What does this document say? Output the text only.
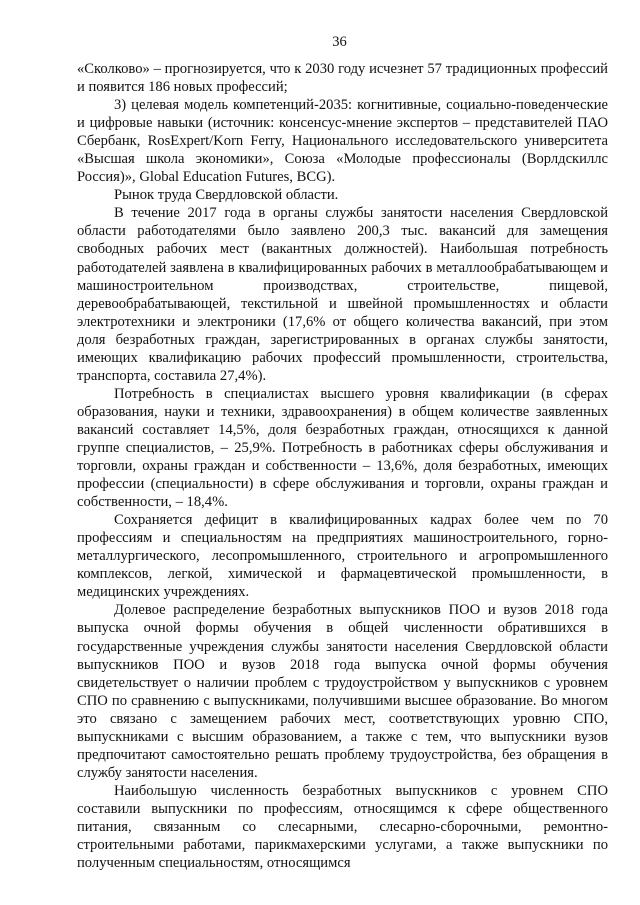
36

«Сколково» – прогнозируется, что к 2030 году исчезнет 57 традиционных профессий и появится 186 новых профессий;

3) целевая модель компетенций-2035: когнитивные, социально-поведенческие и цифровые навыки (источник: консенсус-мнение экспертов – представителей ПАО Сбербанк, RosExpert/Korn Ferry, Национального исследовательского университета «Высшая школа экономики», Союза «Молодые профессионалы (Ворлдскиллс Россия)», Global Education Futures, BCG).

Рынок труда Свердловской области.

В течение 2017 года в органы службы занятости населения Свердловской области работодателями было заявлено 200,3 тыс. вакансий для замещения свободных рабочих мест (вакантных должностей). Наибольшая потребность работодателей заявлена в квалифицированных рабочих в металлообрабатывающем и машиностроительном производствах, строительстве, пищевой, деревообрабатывающей, текстильной и швейной промышленностях и области электротехники и электроники (17,6% от общего количества вакансий, при этом доля безработных граждан, зарегистрированных в органах службы занятости, имеющих квалификацию рабочих профессий промышленности, строительства, транспорта, составила 27,4%).

Потребность в специалистах высшего уровня квалификации (в сферах образования, науки и техники, здравоохранения) в общем количестве заявленных вакансий составляет 14,5%, доля безработных граждан, относящихся к данной группе специалистов, – 25,9%. Потребность в работниках сферы обслуживания и торговли, охраны граждан и собственности – 13,6%, доля безработных, имеющих профессии (специальности) в сфере обслуживания и торговли, охраны граждан и собственности, – 18,4%.

Сохраняется дефицит в квалифицированных кадрах более чем по 70 профессиям и специальностям на предприятиях машиностроительного, горно-металлургического, лесопромышленного, строительного и агропромышленного комплексов, легкой, химической и фармацевтической промышленности, в медицинских учреждениях.

Долевое распределение безработных выпускников ПОО и вузов 2018 года выпуска очной формы обучения в общей численности обратившихся в государственные учреждения службы занятости населения Свердловской области выпускников ПОО и вузов 2018 года выпуска очной формы обучения свидетельствует о наличии проблем с трудоустройством у выпускников с уровнем СПО по сравнению с выпускниками, получившими высшее образование. Во многом это связано с замещением рабочих мест, соответствующих уровню СПО, выпускниками с высшим образованием, а также с тем, что выпускники вузов предпочитают самостоятельно решать проблему трудоустройства, без обращения в службу занятости населения.

Наибольшую численность безработных выпускников с уровнем СПО составили выпускники по профессиям, относящимся к сфере общественного питания, связанным со слесарными, слесарно-сборочными, ремонтно-строительными работами, парикмахерскими услугами, а также выпускники по полученным специальностям, относящимся
